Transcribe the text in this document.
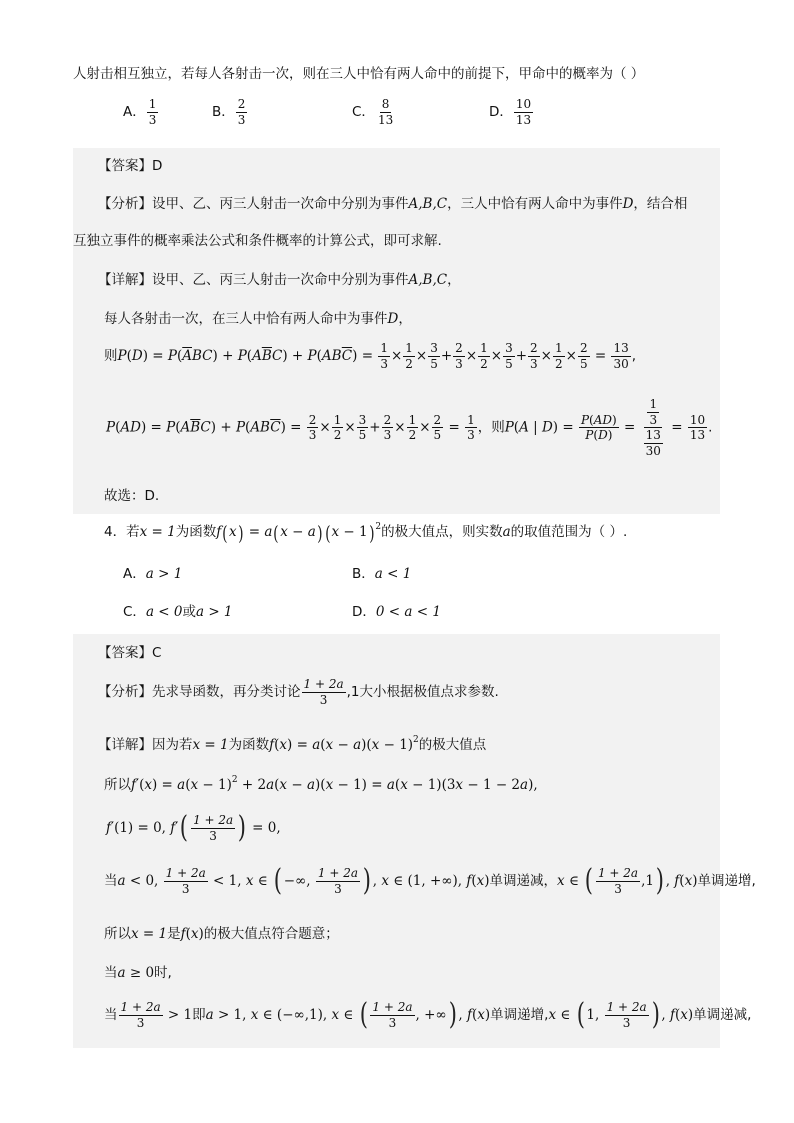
人射击相互独立，若每人各射击一次，则在三人中恰有两人命中的前提下，甲命中的概率为（ ）
A． $\frac{1}{3}$	B． $\frac{2}{3}$	C． $\frac{8}{13}$	D． $\frac{10}{13}$
【答案】D
【分析】设甲、乙、丙三人射击一次命中分别为事件A,B,C，三人中恰有两人命中为事件D，结合相
互独立事件的概率乘法公式和条件概率的计算公式，即可求解.
【详解】设甲、乙、丙三人射击一次命中分别为事件A,B,C，
每人各射击一次，在三人中恰有两人命中为事件D，
则$P(D) = P(\overline{A}BC) + P(A\overline{B}C) + P(AB\overline{C}) = \frac{1}{3} \times \frac{1}{2} \times \frac{3}{5} + \frac{2}{3} \times \frac{1}{2} \times \frac{3}{5} + \frac{2}{3} \times \frac{1}{2} \times \frac{2}{5} = \frac{13}{30}$ ,
$P(AD) = P(A\overline{B}C) + P(AB\overline{C}) = \frac{2}{3} \times \frac{1}{2} \times \frac{3}{5} + \frac{2}{3} \times \frac{1}{2} \times \frac{2}{5} = \frac{1}{3}$ ，则P(A | $D) = \frac{P(AD)}{P(D)} = \frac{\frac{1}{3}}{\frac{13}{30}} = \frac{10}{13}$ .
故选：D.
4．若x = 1为函数f(x) = a(x − a) $(x - 1)^2$的极大值点，则实数a的取值范围为（ ）.
A．a > 1	B．a < 1
C．a < 0或a > 1	D．0 < a < 1
【答案】C
【分析】先求导函数，再分类讨论 $\frac{1 + 2a}{3} ,1$大小根据极值点求参数.
【详解】因为若x = 1为函数$f(x) = a(x - a)(x - 1)^2$的极大值点
所以$f'(x) = a(x - 1)^2 + 2a(x - a)(x - 1) = a(x - 1)(3x - 1 - 2a)$,
f′(1) = 0, $f'( \frac{1 + 2a}{3}$ ) = 0,
当a < 0, $\frac{1 + 2a}{3} < 1$, x ∈ ( −∞, $\frac{1 + 2a}{3}$ ) , x ∈ (1, +∞), f(x)单调递减，x ∈ ( $\frac{1 + 2a}{3} ,1$) , f(x)单调递增,
所以x = 1是f(x)的极大值点符合题意；
当a ≥ 0时,
当 $\frac{1 + 2a}{3} > 1$即a > 1, x ∈ (−∞,1), x ∈ ( $\frac{1 + 2a}{3}$ , +∞) , f(x)单调递增,x ∈ ( 1, $\frac{1 + 2a}{3}$ ) , f(x)单调递减,
